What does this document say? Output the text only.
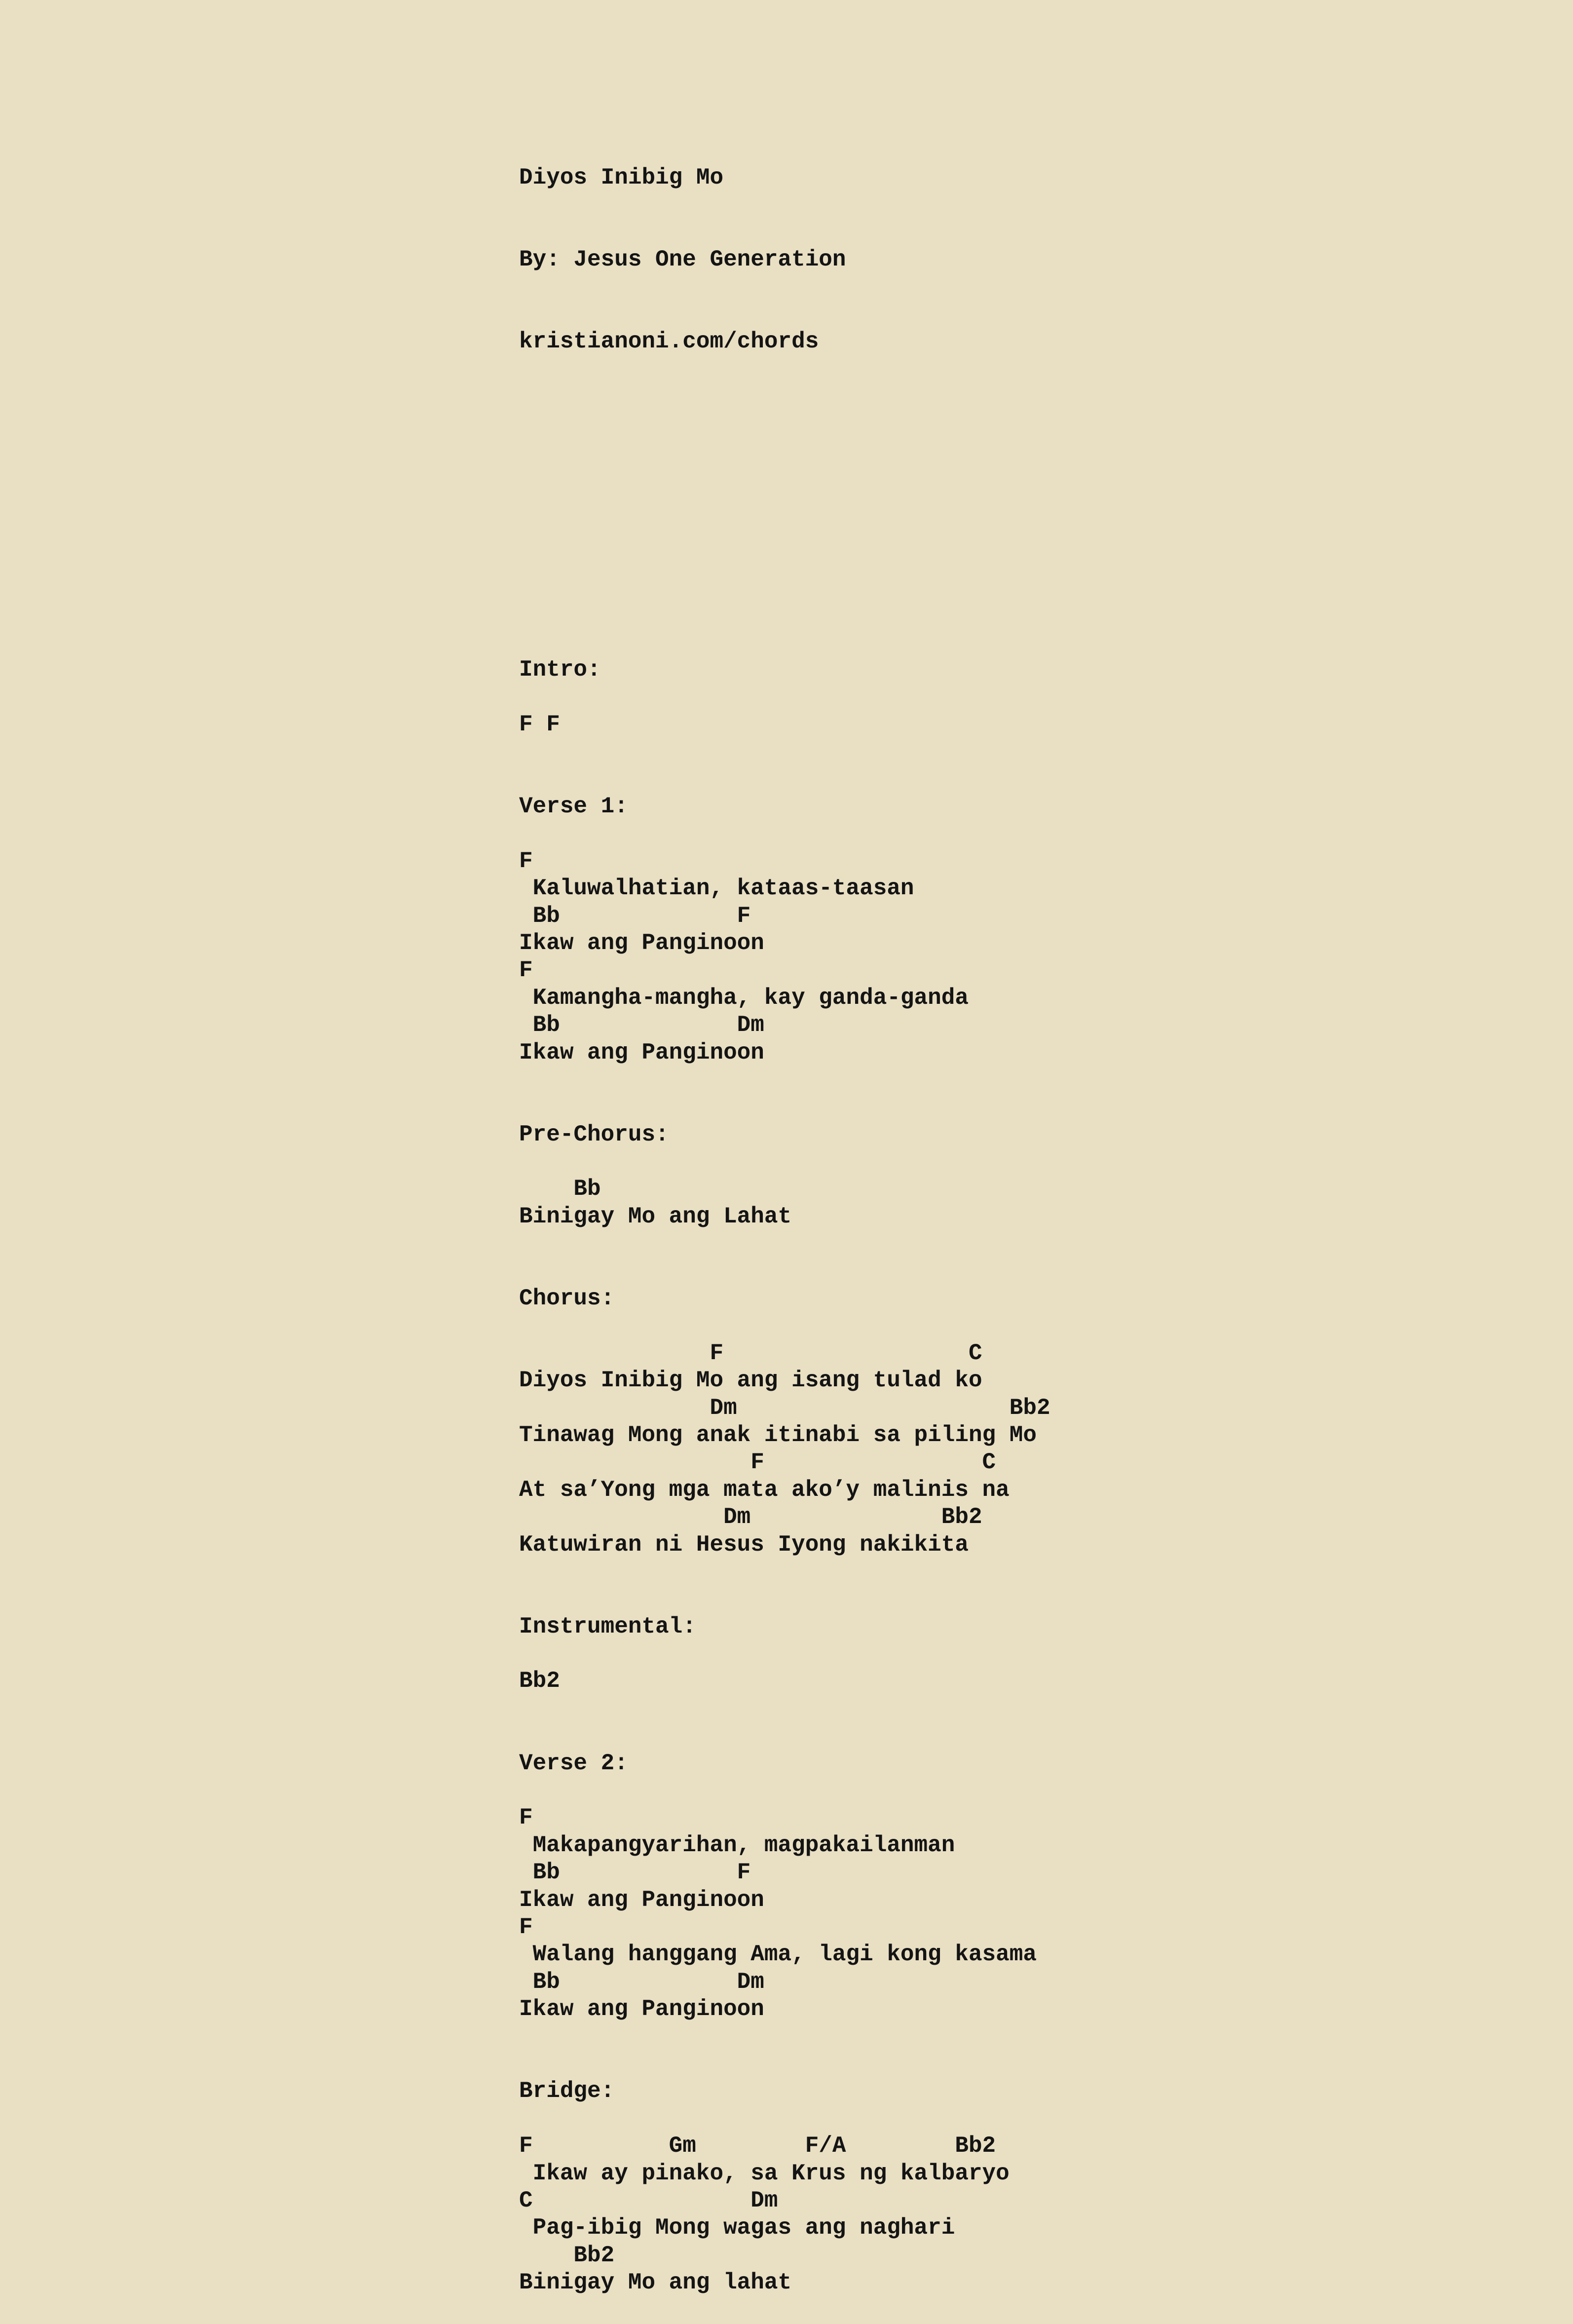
Diyos Inibig Mo

By: Jesus One Generation

kristianoni.com/chords

Intro:
F F
Verse 1:
F
Kaluwalhatian, kataas-taasan
Bb             F
Ikaw ang Panginoon
F
Kamangha-mangha, kay ganda-ganda
Bb             Dm
Ikaw ang Panginoon
Pre-Chorus:
Bb
Binigay Mo ang Lahat
Chorus:
F                  C
Diyos Inibig Mo ang isang tulad ko
Dm                    Bb2
Tinawag Mong anak itinabi sa piling Mo
F                C
At sa’Yong mga mata ako’y malinis na
Dm              Bb2
Katuwiran ni Hesus Iyong nakikita
Instrumental:
Bb2
Verse 2:
F
Makapangyarihan, magpakailanman
Bb             F
Ikaw ang Panginoon
F
Walang hanggang Ama, lagi kong kasama
Bb             Dm
Ikaw ang Panginoon
Bridge:
F          Gm        F/A        Bb2
Ikaw ay pinako, sa Krus ng kalbaryo
C                Dm
Pag-ibig Mong wagas ang naghari
Bb2
Binigay Mo ang lahat
